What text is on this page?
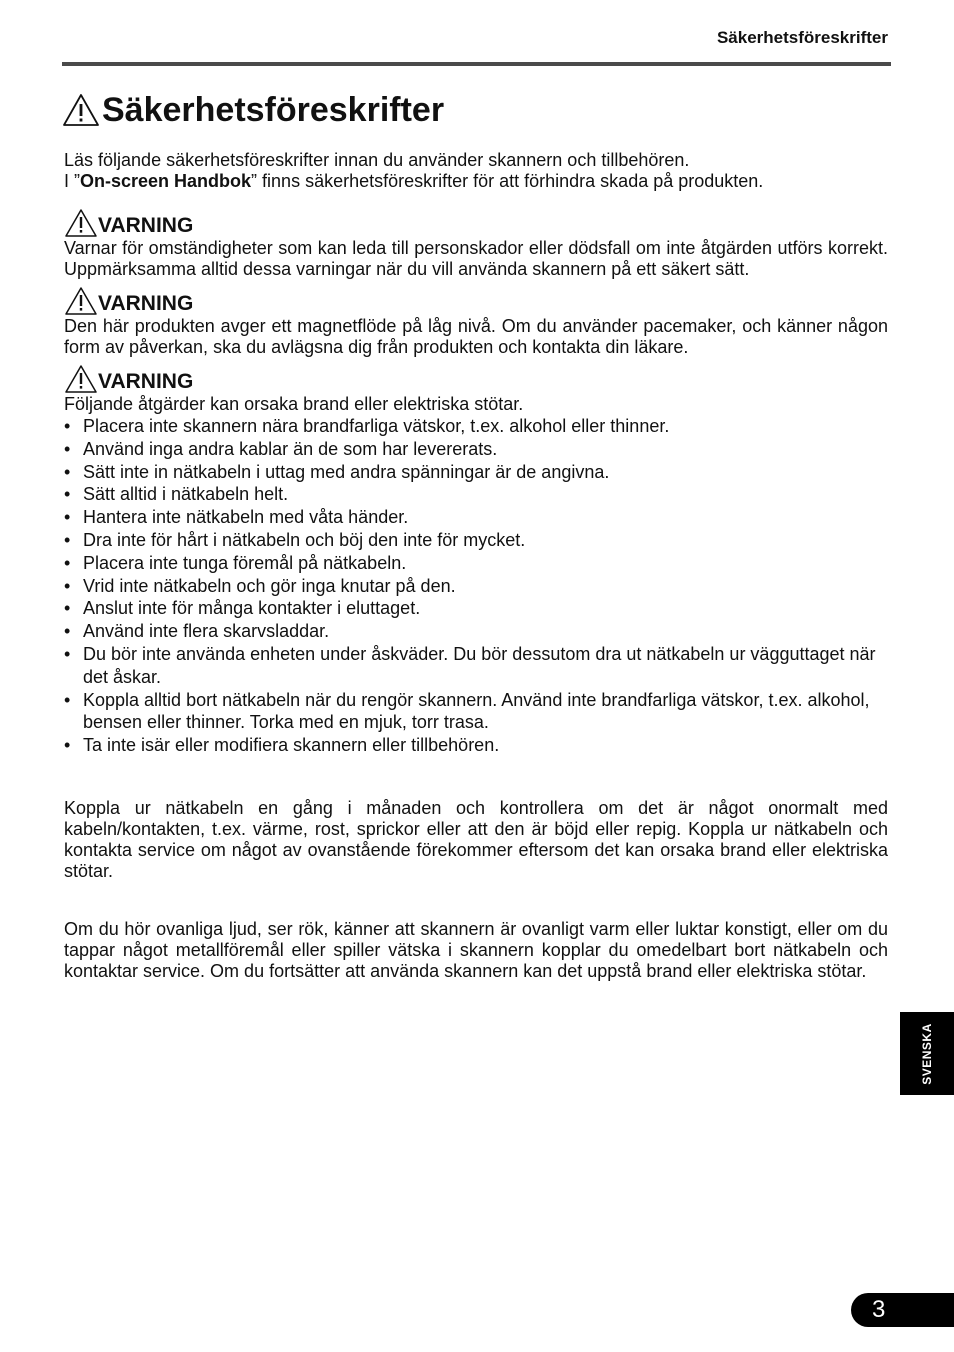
Säkerhetsföreskrifter
Säkerhetsföreskrifter

Läs följande säkerhetsföreskrifter innan du använder skannern och tillbehören.

I ”On-screen Handbok” finns säkerhetsföreskrifter för att förhindra skada på produkten.

VARNING

Varnar för omständigheter som kan leda till personskador eller dödsfall om inte åtgärden utförs korrekt. Uppmärksamma alltid dessa varningar när du vill använda skannern på ett säkert sätt.

VARNING

Den här produkten avger ett magnetflöde på låg nivå. Om du använder pacemaker, och känner någon form av påverkan, ska du avlägsna dig från produkten och kontakta din läkare.

VARNING

Följande åtgärder kan orsaka brand eller elektriska stötar.

• Placera inte skannern nära brandfarliga vätskor, t.ex. alkohol eller thinner.
• Använd inga andra kablar än de som har levererats.
• Sätt inte in nätkabeln i uttag med andra spänningar är de angivna.
• Sätt alltid i nätkabeln helt.
• Hantera inte nätkabeln med våta händer.
• Dra inte för hårt i nätkabeln och böj den inte för mycket.
• Placera inte tunga föremål på nätkabeln.
• Vrid inte nätkabeln och gör inga knutar på den.
• Anslut inte för många kontakter i eluttaget.
• Använd inte flera skarvsladdar.
• Du bör inte använda enheten under åskväder. Du bör dessutom dra ut nätkabeln ur vägguttaget när det åskar.
• Koppla alltid bort nätkabeln när du rengör skannern. Använd inte brandfarliga vätskor, t.ex. alkohol, bensen eller thinner. Torka med en mjuk, torr trasa.
• Ta inte isär eller modifiera skannern eller tillbehören.

Koppla ur nätkabeln en gång i månaden och kontrollera om det är något onormalt med kabeln/kontakten, t.ex. värme, rost, sprickor eller att den är böjd eller repig. Koppla ur nätkabeln och kontakta service om något av ovanstående förekommer eftersom det kan orsaka brand eller elektriska stötar.

Om du hör ovanliga ljud, ser rök, känner att skannern är ovanligt varm eller luktar konstigt, eller om du tappar något metallföremål eller spiller vätska i skannern kopplar du omedelbart bort nätkabeln och kontaktar service. Om du fortsätter att använda skannern kan det uppstå brand eller elektriska stötar.

SVENSKA
3
